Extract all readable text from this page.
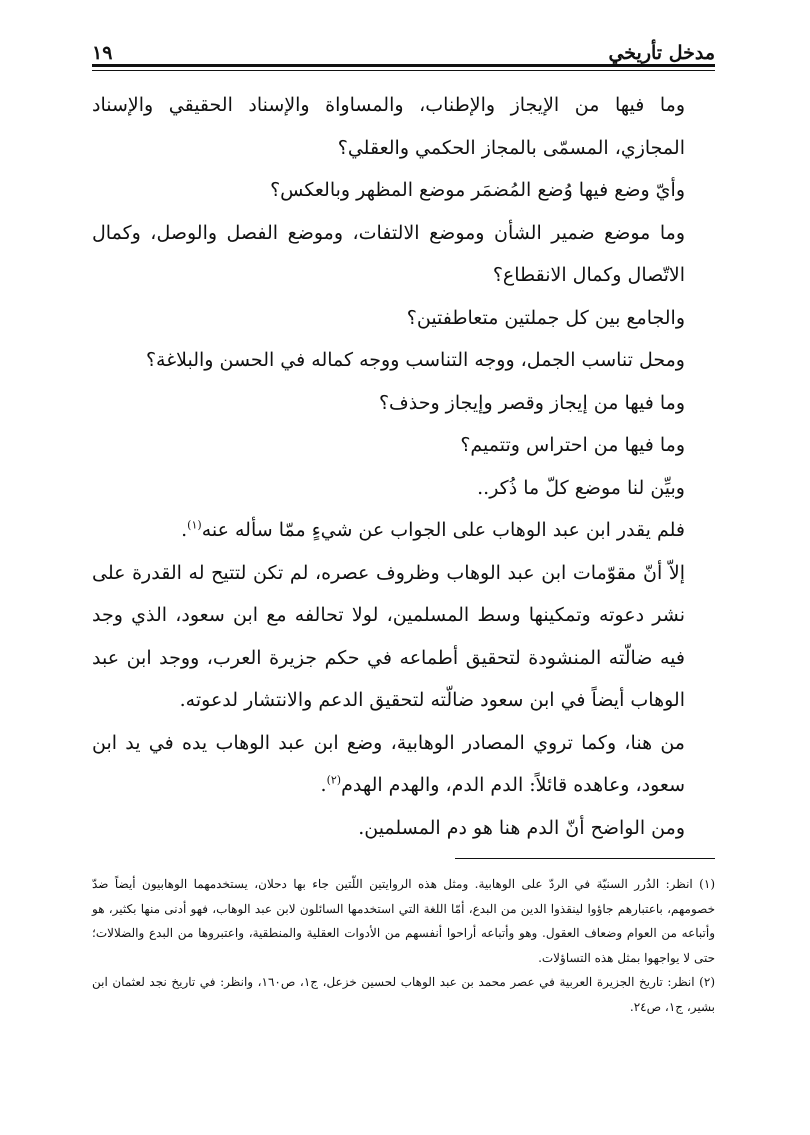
مدخل تأريخي
١٩

وما فيها من الإيجاز والإطناب، والمساواة والإسناد الحقيقي والإسناد المجازي، المسمّى بالمجاز الحكمي والعقلي؟

وأيّ وضع فيها وُضع المُضمَر موضع المظهر وبالعكس؟

وما موضع ضمير الشأن وموضع الالتفات، وموضع الفصل والوصل، وكمال الاتّصال وكمال الانقطاع؟

والجامع بين كل جملتين متعاطفتين؟

ومحل تناسب الجمل، ووجه التناسب ووجه كماله في الحسن والبلاغة؟

وما فيها من إيجاز وقصر وإيجاز وحذف؟

وما فيها من احتراس وتتميم؟

وبيِّن لنا موضع كلّ ما ذُكر..

فلم يقدر ابن عبد الوهاب على الجواب عن شيءٍ ممّا سأله عنه$^{(١)}$.

إلاّ أنّ مقوّمات ابن عبد الوهاب وظروف عصره، لم تكن لتتيح له القدرة على نشر دعوته وتمكينها وسط المسلمين، لولا تحالفه مع ابن سعود، الذي وجد فيه ضالّته المنشودة لتحقيق أطماعه في حكم جزيرة العرب، ووجد ابن عبد الوهاب أيضاً في ابن سعود ضالّته لتحقيق الدعم والانتشار لدعوته.

من هنا، وكما تروي المصادر الوهابية، وضع ابن عبد الوهاب يده في يد ابن سعود، وعاهده قائلاً: الدم الدم، والهدم الهدم$^{(٢)}$.

ومن الواضح أنّ الدم هنا هو دم المسلمين.

(١) انظر: الدُرر السنيّة في الردّ على الوهابية. ومثل هذه الروايتين اللّتين جاء بها دحلان، يستخدمهما الوهابيون أيضاً ضدّ خصومهم، باعتبارهم جاؤوا لينقذوا الدين من البدع، أمّا اللغة التي استخدمها السائلون لابن عبد الوهاب، فهو أدنى منها بكثير، هو وأتباعه من العوام وضعاف العقول. وهو وأتباعه أراحوا أنفسهم من الأدوات العقلية والمنطقية، واعتبروها من البدع والضلالات؛ حتى لا يواجهوا بمثل هذه التساؤلات.

(٢) انظر: تاريخ الجزيرة العربية في عصر محمد بن عبد الوهاب لحسين خزعل، ج١، ص١٦٠، وانظر: في تاريخ نجد لعثمان ابن بشير، ج١، ص٢٤.
